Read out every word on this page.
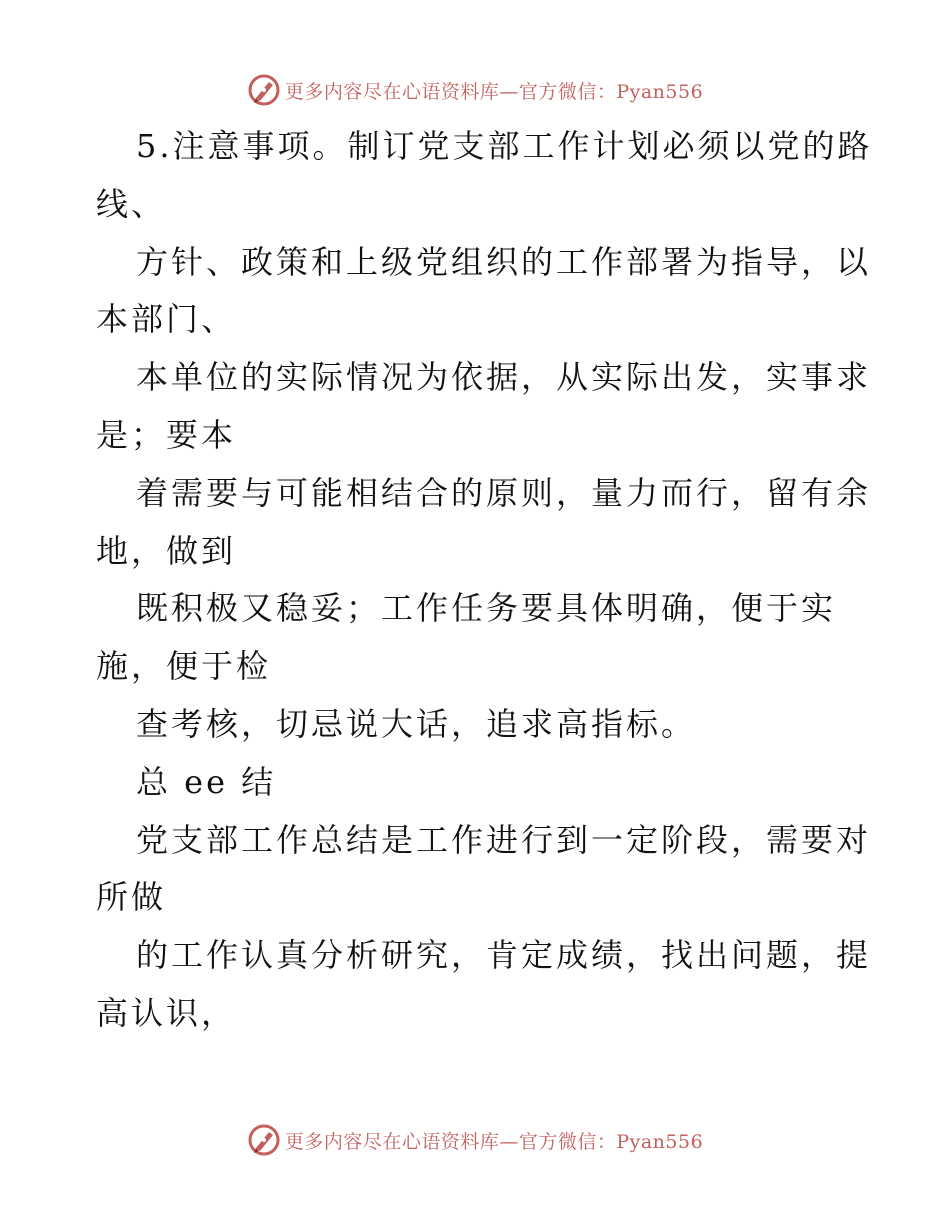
更多内容尽在心语资料库—官方微信：Pyan556
5.注意事项。制订党支部工作计划必须以党的路
线、
方针、政策和上级党组织的工作部署为指导，以
本部门、
本单位的实际情况为依据，从实际出发，实事求
是；要本
着需要与可能相结合的原则，量力而行，留有余
地，做到
既积极又稳妥；工作任务要具体明确，便于实
施，便于检
查考核，切忌说大话，追求高指标。
总 ee 结
党支部工作总结是工作进行到一定阶段，需要对
所做
的工作认真分析研究，肯定成绩，找出问题，提
高认识，
更多内容尽在心语资料库—官方微信：Pyan556
